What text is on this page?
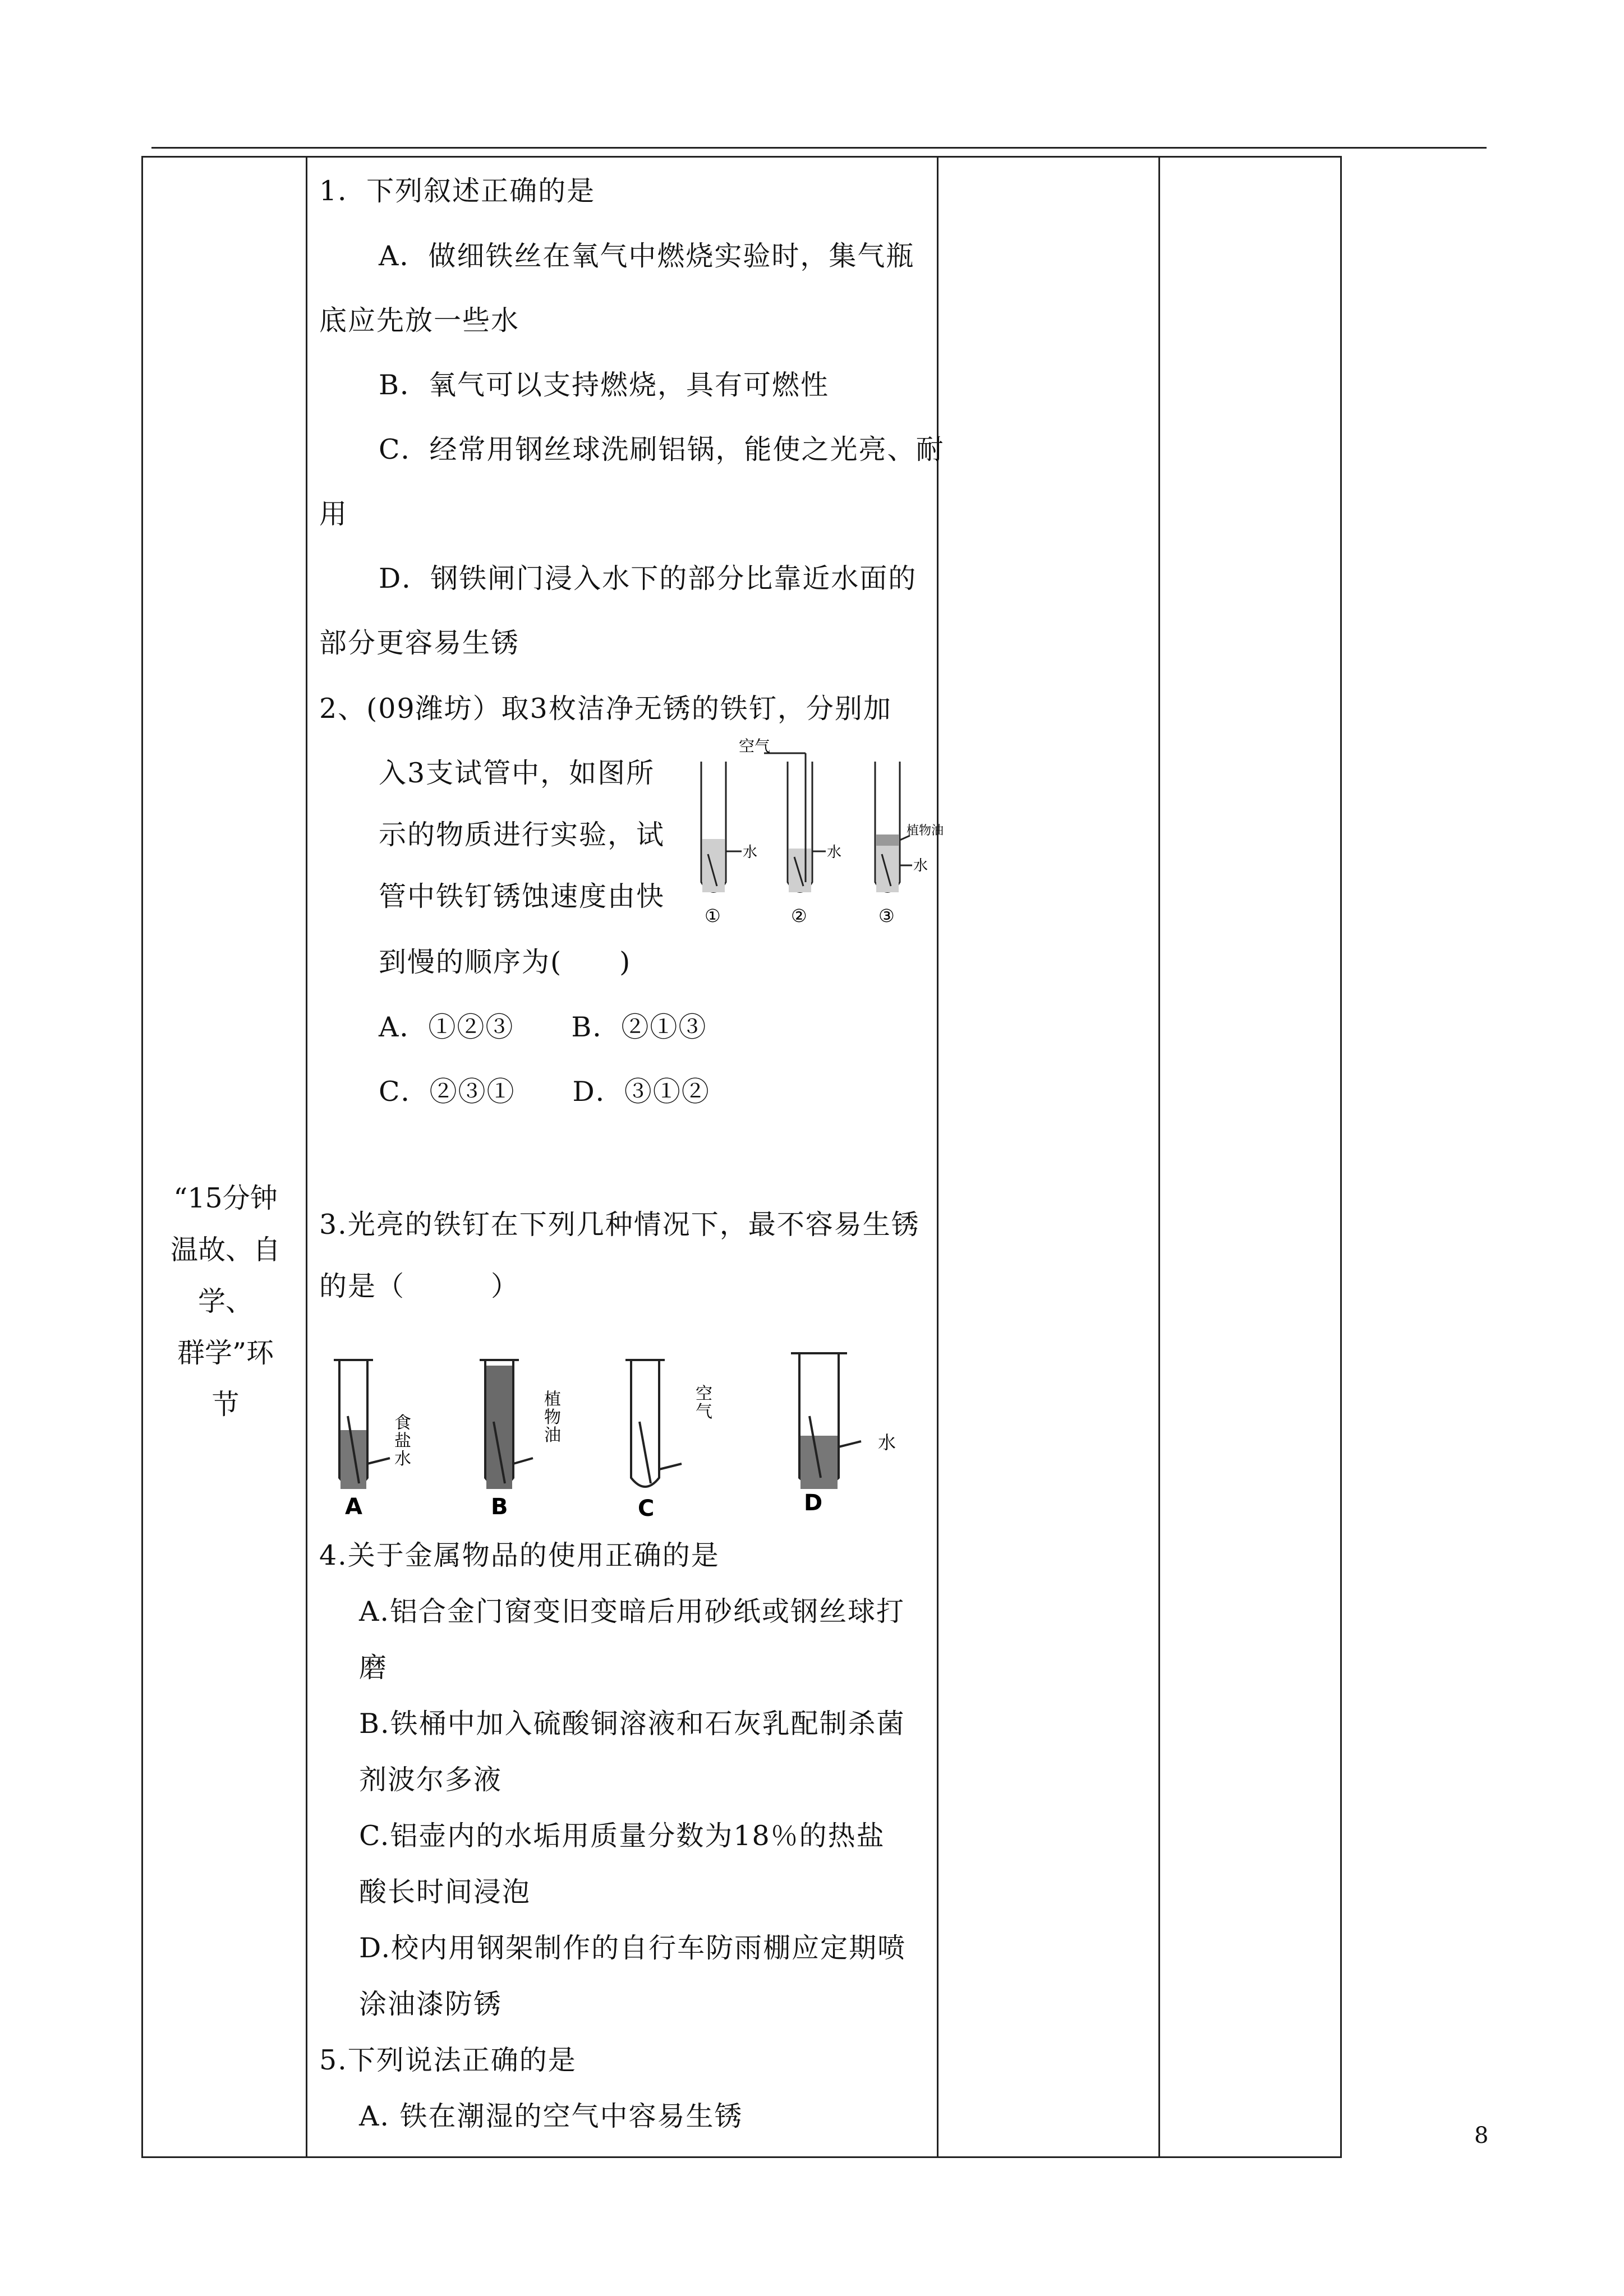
“15分钟
温故、自学、
群学”环
节
1．下列叙述正确的是
A．做细铁丝在氧气中燃烧实验时，集气瓶
底应先放一些水
B．氧气可以支持燃烧，具有可燃性
C．经常用钢丝球洗刷铝锅，能使之光亮、耐
用
D．钢铁闸门浸入水下的部分比靠近水面的
部分更容易生锈
2、(09潍坊）取3枚洁净无锈的铁钉，分别加
入3支试管中，如图所
示的物质进行实验，试
管中铁钉锈蚀速度由快
到慢的顺序为(　　)
A．①②③　　B．②①③
C．②③①　　D．③①②
空气
水	水
植物油
水
①	②	③
3.光亮的铁钉在下列几种情况下，最不容易生锈
的是（　　　）
食
盐
水
植
物
油
空
气
水
A	B	C	D
4.关于金属物品的使用正确的是
A.铝合金门窗变旧变暗后用砂纸或钢丝球打
磨
B.铁桶中加入硫酸铜溶液和石灰乳配制杀菌
剂波尔多液
C.铝壶内的水垢用质量分数为18％的热盐
酸长时间浸泡
D.校内用钢架制作的自行车防雨棚应定期喷
涂油漆防锈
5.下列说法正确的是
A. 铁在潮湿的空气中容易生锈
8
